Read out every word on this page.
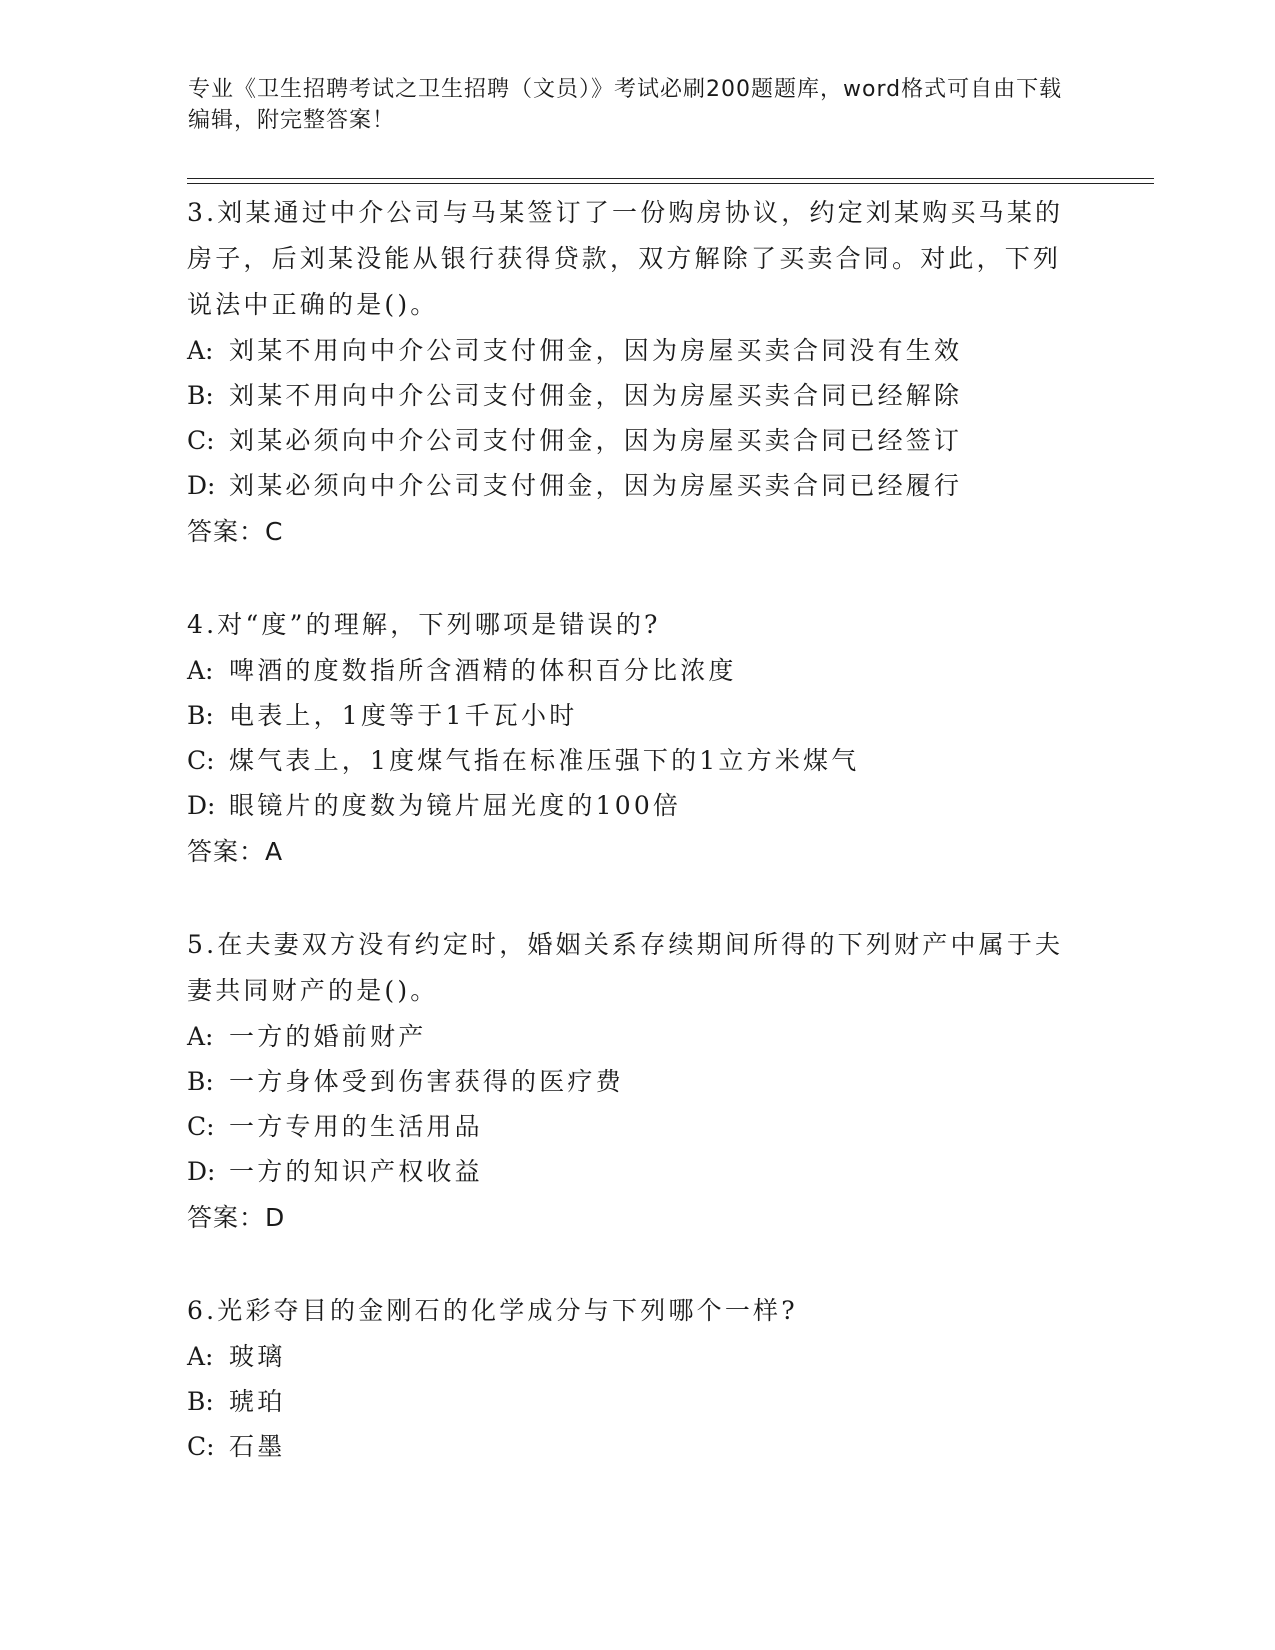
专业《卫生招聘考试之卫生招聘（文员）》考试必刷200题题库，word格式可自由下载编辑，附完整答案！
3.刘某通过中介公司与马某签订了一份购房协议，约定刘某购买马某的房子，后刘某没能从银行获得贷款，双方解除了买卖合同。对此，下列说法中正确的是()。
A: 刘某不用向中介公司支付佣金，因为房屋买卖合同没有生效
B: 刘某不用向中介公司支付佣金，因为房屋买卖合同已经解除
C: 刘某必须向中介公司支付佣金，因为房屋买卖合同已经签订
D: 刘某必须向中介公司支付佣金，因为房屋买卖合同已经履行
答案：C
4.对“度”的理解，下列哪项是错误的?
A: 啤酒的度数指所含酒精的体积百分比浓度
B: 电表上，1度等于1千瓦小时
C: 煤气表上，1度煤气指在标准压强下的1立方米煤气
D: 眼镜片的度数为镜片屈光度的100倍
答案：A
5.在夫妻双方没有约定时，婚姻关系存续期间所得的下列财产中属于夫妻共同财产的是()。
A: 一方的婚前财产
B: 一方身体受到伤害获得的医疗费
C: 一方专用的生活用品
D: 一方的知识产权收益
答案：D
6.光彩夺目的金刚石的化学成分与下列哪个一样?
A: 玻璃
B: 琥珀
C: 石墨
